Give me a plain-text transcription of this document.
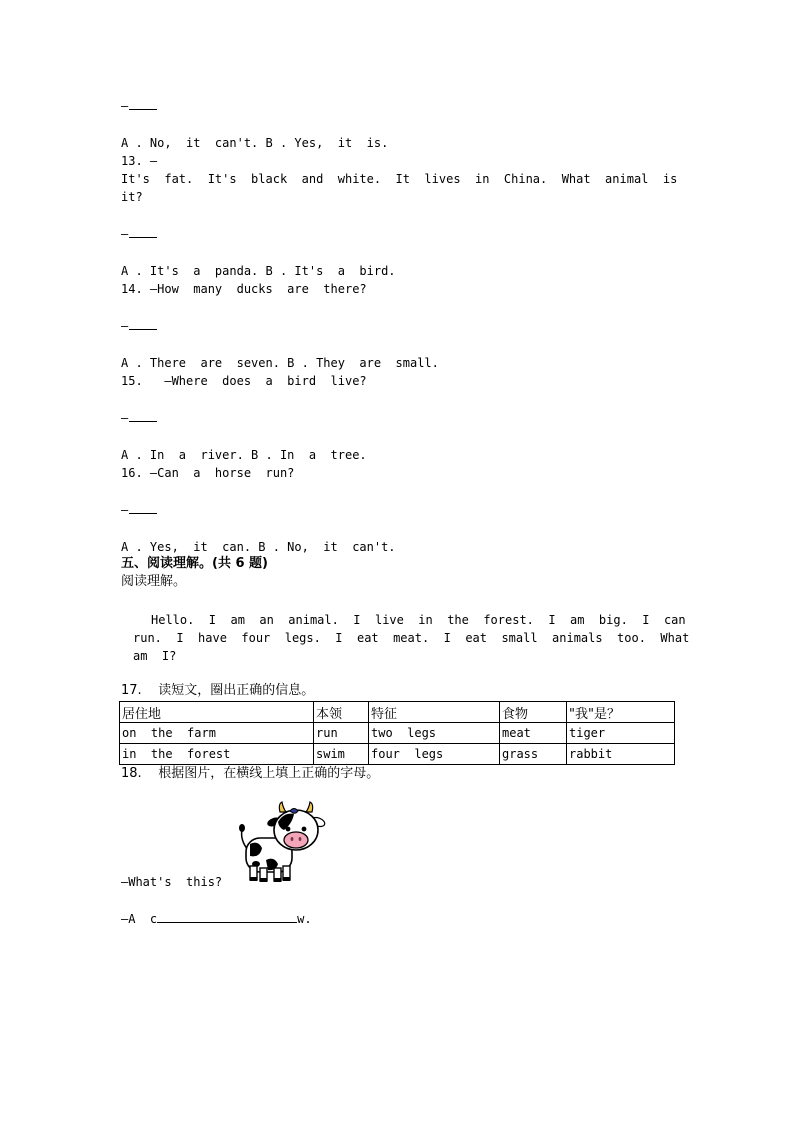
—
A . No,  it  can't. B . Yes,  it  is.
13. —
It's  fat.  It's  black  and  white.  It  lives  in  China.  What  animal  is
it?
—
A . It's  a  panda. B . It's  a  bird.
14. —How  many  ducks  are  there?
—
A . There  are  seven. B . They  are  small.
15.   —Where  does  a  bird  live?
—
A . In  a  river. B . In  a  tree.
16. —Can  a  horse  run?
—
A . Yes,  it  can. B . No,  it  can't.
五、阅读理解。(共 6 题)
阅读理解。
Hello.  I  am  an  animal.  I  live  in  the  forest.  I  am  big.  I  can
run.  I  have  four  legs.  I  eat  meat.  I  eat  small  animals  too.  What
am  I?
17.    读短文，圈出正确的信息。
居住地	本领	特征	食物	"我"是？
on  the  farm	run	two  legs	meat	tiger
in  the  forest	swim	four  legs	grass	rabbit
18.    根据图片，在横线上填上正确的字母。
—What's  this?
—A  c	w.
